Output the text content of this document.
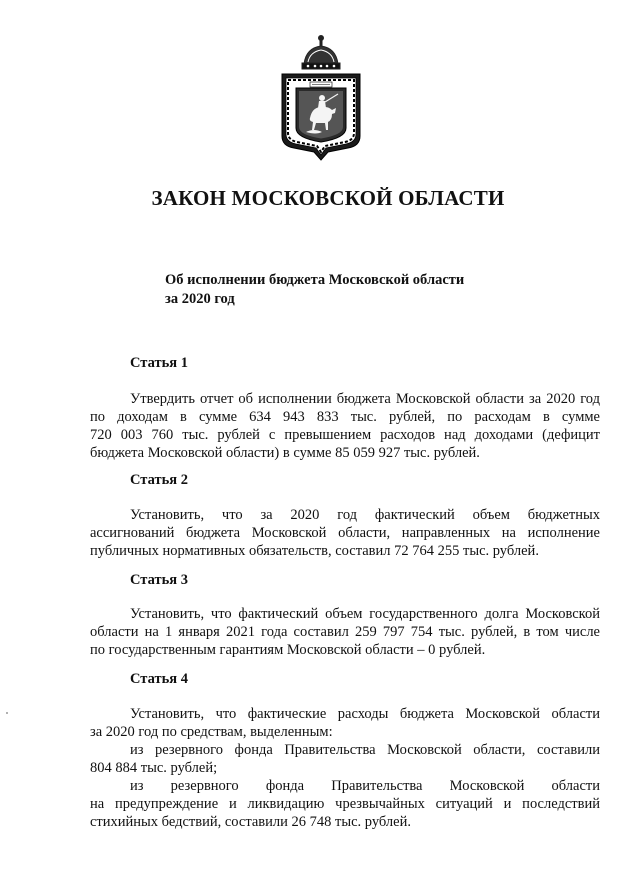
ЗАКОН МОСКОВСКОЙ ОБЛАСТИ
Об исполнении бюджета Московской области
за 2020 год
Статья 1
Утвердить отчет об исполнении бюджета Московской области за 2020 год
по доходам в сумме 634 943 833 тыс. рублей, по расходам в сумме
720 003 760 тыс. рублей с превышением расходов над доходами (дефицит
бюджета Московской области) в сумме 85 059 927 тыс. рублей.
Статья 2
Установить, что за 2020 год фактический объем бюджетных
ассигнований бюджета Московской области, направленных на исполнение
публичных нормативных обязательств, составил 72 764 255 тыс. рублей.
Статья 3
Установить, что фактический объем государственного долга Московской
области на 1 января 2021 года составил 259 797 754 тыс. рублей, в том числе
по государственным гарантиям Московской области – 0 рублей.
Статья 4
Установить, что фактические расходы бюджета Московской области
за 2020 год по средствам, выделенным:
из резервного фонда Правительства Московской области, составили
804 884 тыс. рублей;
из резервного фонда Правительства Московской области
на предупреждение и ликвидацию чрезвычайных ситуаций и последствий
стихийных бедствий, составили 26 748 тыс. рублей.
